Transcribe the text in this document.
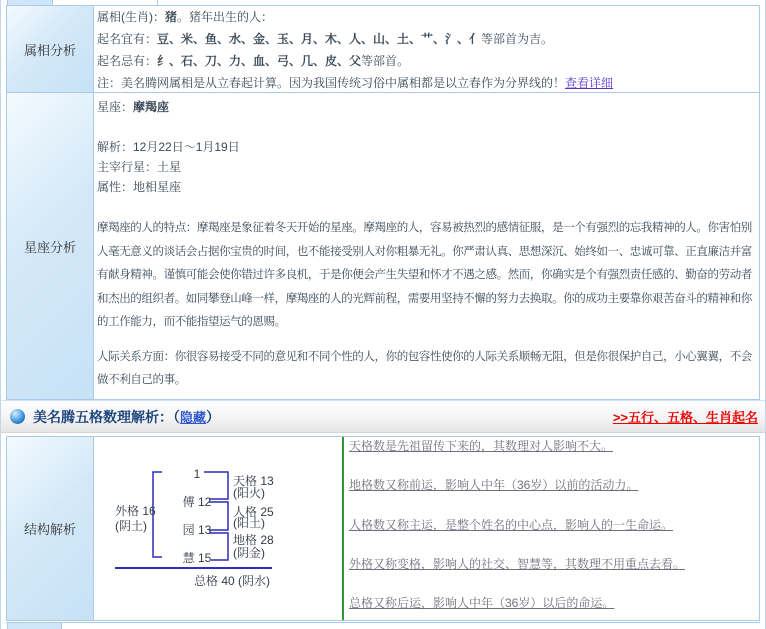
属相分析
属相(生肖)：猪。猪年出生的人：
起名宜有：豆、米、鱼、水、金、玉、月、木、人、山、土、艹、氵、亻等部首为吉。
起名忌有：纟、石、刀、力、血、弓、几、皮、父等部首。
注：美名腾网属相是从立春起计算。因为我国传统习俗中属相都是以立春作为分界线的！查看详细
星座分析
星座：摩羯座
解析：12月22日～1月19日
主宰行星：土星
属性：地相星座

摩羯座的人的特点：摩羯座是象征着冬天开始的星座。摩羯座的人，容易被热烈的感情征服，是一个有强烈的忘我精神的人。你害怕别人毫无意义的谈话会占据你宝贵的时间，也不能接受别人对你粗暴无礼。你严肃认真、思想深沉、始终如一、忠诚可靠、正直廉洁并富有献身精神。谨慎可能会使你错过许多良机，于是你便会产生失望和怀才不遇之感。然而，你确实是个有强烈责任感的、勤奋的劳动者和杰出的组织者。如同攀登山峰一样，摩羯座的人的光辉前程，需要用坚持不懈的努力去换取。你的成功主要靠你艰苦奋斗的精神和你的工作能力，而不能指望运气的恩赐。

人际关系方面：你很容易接受不同的意见和不同个性的人，你的包容性使你的人际关系顺畅无阻，但是你很保护自己，小心翼翼，不会做不利自己的事。

美名腾五格数理解析：（隐藏）	>>五行、五格、生肖起名
结构解析
外格 16
(阴土)
1
傅 12
园 13
慧 15
天格 13
(阳火)
人格 25
(阳土)
地格 28
(阴金)
总格 40 (阴水)
天格数是先祖留传下来的，其数理对人影响不大。
地格数又称前运，影响人中年（36岁）以前的活动力。
人格数又称主运，是整个姓名的中心点，影响人的一生命运。
外格又称变格，影响人的社交、智慧等，其数理不用重点去看。
总格又称后运，影响人中年（36岁）以后的命运。
